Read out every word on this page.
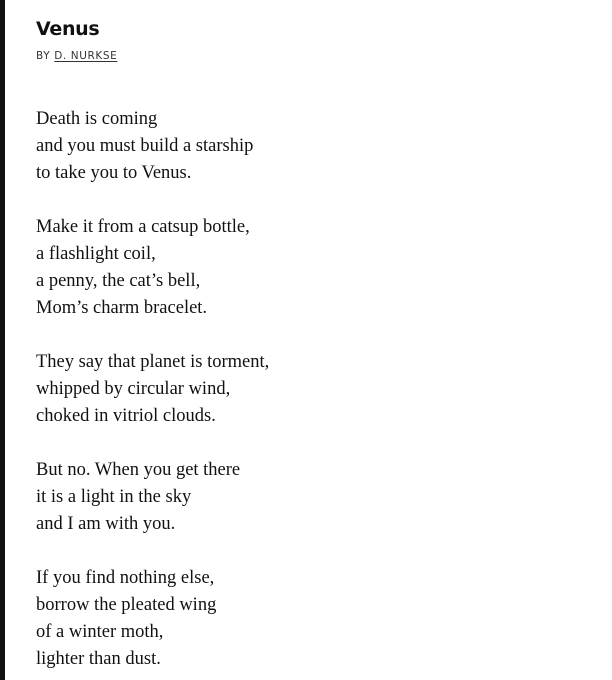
Venus
BY D. NURKSE
Death is coming
and you must build a starship
to take you to Venus.
Make it from a catsup bottle,
a flashlight coil,
a penny, the cat’s bell,
Mom’s charm bracelet.
They say that planet is torment,
whipped by circular wind,
choked in vitriol clouds.
But no. When you get there
it is a light in the sky
and I am with you.
If you find nothing else,
borrow the pleated wing
of a winter moth,
lighter than dust.
